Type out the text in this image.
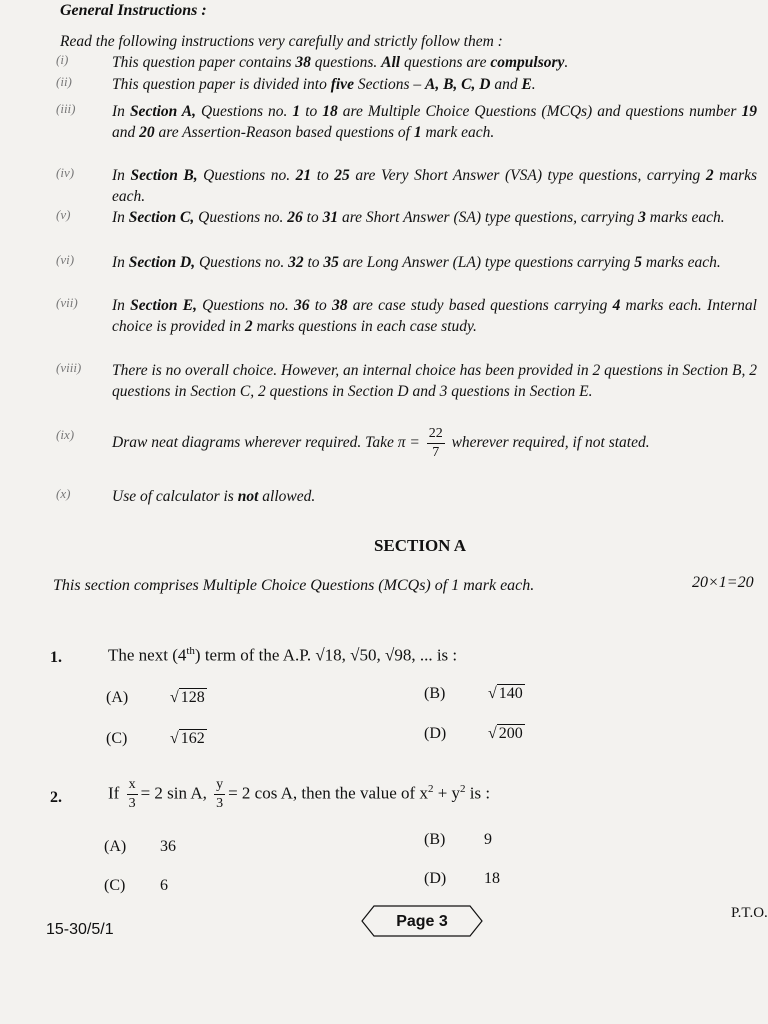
General Instructions :
Read the following instructions very carefully and strictly follow them :
(i)	This question paper contains 38 questions. All questions are compulsory.
(ii)	This question paper is divided into five Sections – A, B, C, D and E.
(iii) In Section A, Questions no. 1 to 18 are Multiple Choice Questions (MCQs) and questions number 19 and 20 are Assertion-Reason based questions of 1 mark each.
(iv) In Section B, Questions no. 21 to 25 are Very Short Answer (VSA) type questions, carrying 2 marks each.
(v)	In Section C, Questions no. 26 to 31 are Short Answer (SA) type questions, carrying 3 marks each.
(vi) In Section D, Questions no. 32 to 35 are Long Answer (LA) type questions carrying 5 marks each.
(vii) In Section E, Questions no. 36 to 38 are case study based questions carrying 4 marks each. Internal choice is provided in 2 marks questions in each case study.
(viii) There is no overall choice. However, an internal choice has been provided in 2 questions in Section B, 2 questions in Section C, 2 questions in Section D and 3 questions in Section E.
(ix) Draw neat diagrams wherever required. Take $\pi = \frac{22}{7}$ wherever required, if not stated.
(x)	Use of calculator is not allowed.
SECTION A
This section comprises Multiple Choice Questions (MCQs) of 1 mark each.	20×1=20
1.	The next (4th) term of the A.P. √18, √50, √98, ... is :
(A)	√ 128	(B)	√ 140
(C)	√ 162	(D)	√ 200
2.	If $\frac{x}{3} = 2$ sin A, $\frac{y}{3} = 2$ cos A, then the value of $x^2 + y^2$ is :
(A) 36	(B) 9
(C) 6	(D) 18
15-30/5/1	Page 3	P.T.O.
